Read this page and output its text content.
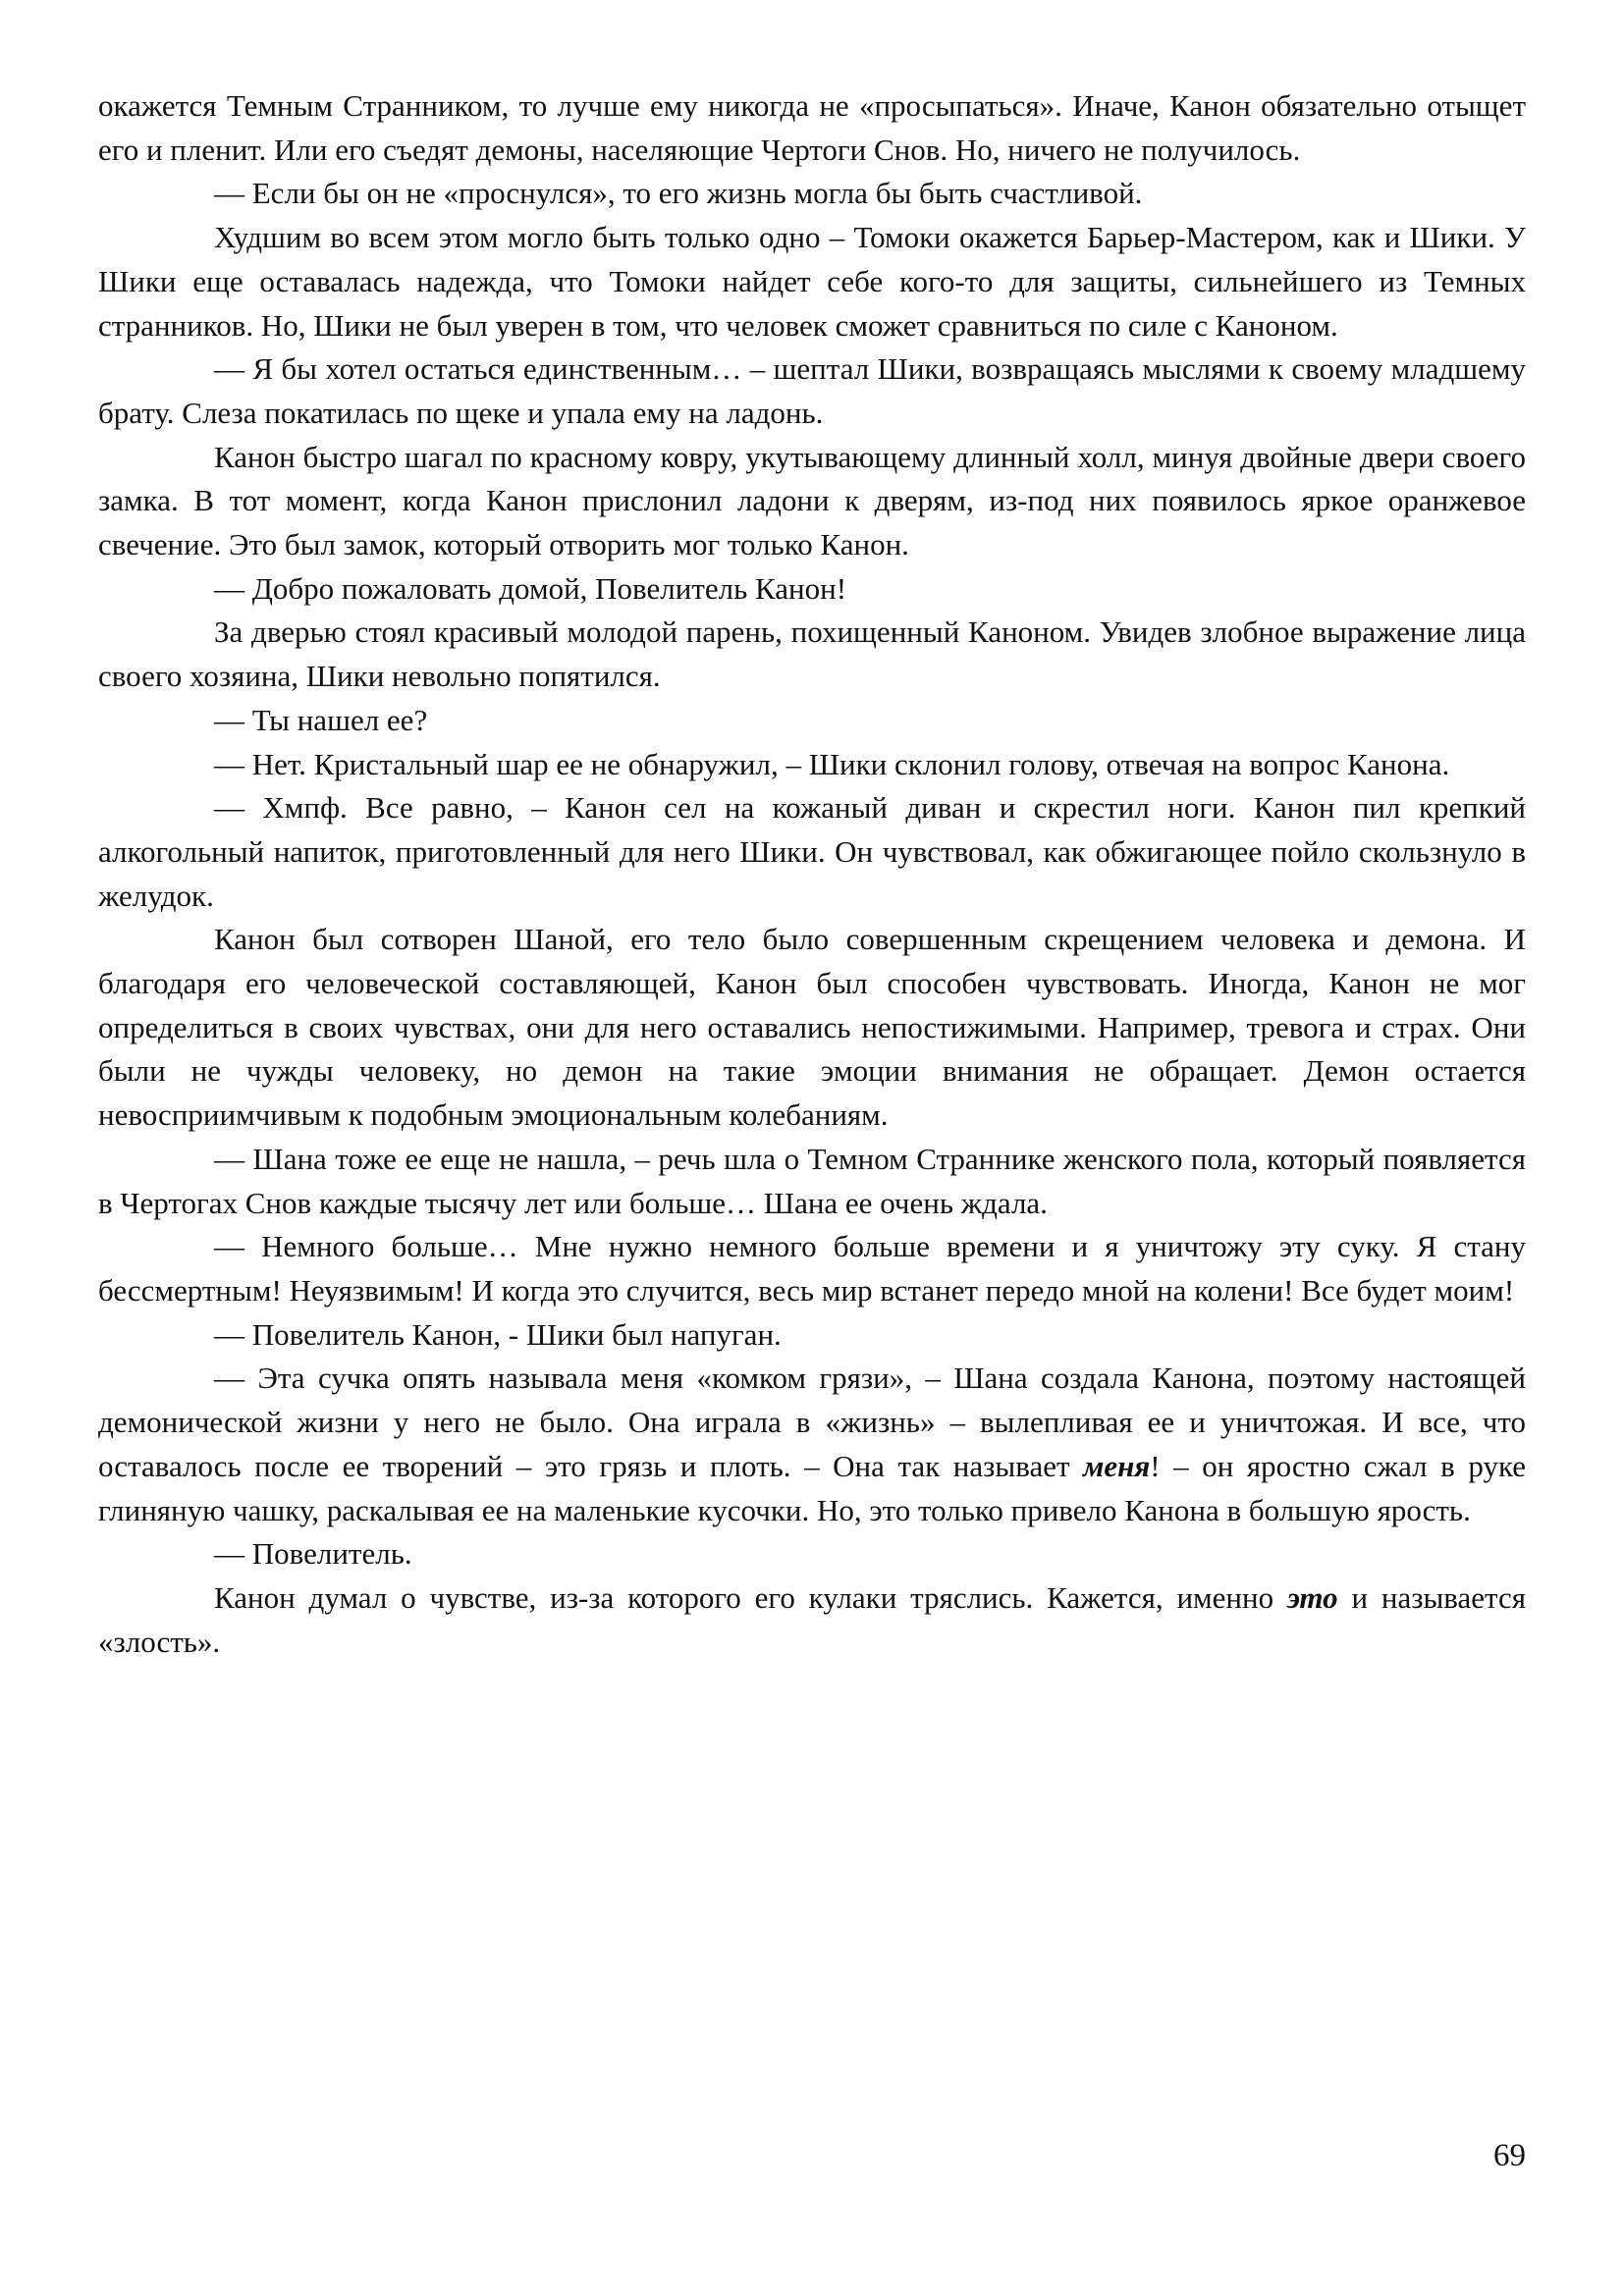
окажется Темным Странником, то лучше ему никогда не «просыпаться». Иначе, Канон обязательно отыщет его и пленит. Или его съедят демоны, населяющие Чертоги Снов. Но, ничего не получилось.

— Если бы он не «проснулся», то его жизнь могла бы быть счастливой.

Худшим во всем этом могло быть только одно – Томоки окажется Барьер-Мастером, как и Шики. У Шики еще оставалась надежда, что Томоки найдет себе кого-то для защиты, сильнейшего из Темных странников. Но, Шики не был уверен в том, что человек сможет сравниться по силе с Каноном.

— Я бы хотел остаться единственным… – шептал Шики, возвращаясь мыслями к своему младшему брату. Слеза покатилась по щеке и упала ему на ладонь.

Канон быстро шагал по красному ковру, укутывающему длинный холл, минуя двойные двери своего замка. В тот момент, когда Канон прислонил ладони к дверям, из-под них появилось яркое оранжевое свечение. Это был замок, который отворить мог только Канон.

— Добро пожаловать домой, Повелитель Канон!

За дверью стоял красивый молодой парень, похищенный Каноном. Увидев злобное выражение лица своего хозяина, Шики невольно попятился.

— Ты нашел ее?

— Нет. Кристальный шар ее не обнаружил, – Шики склонил голову, отвечая на вопрос Канона.

— Хмпф. Все равно, – Канон сел на кожаный диван и скрестил ноги. Канон пил крепкий алкогольный напиток, приготовленный для него Шики. Он чувствовал, как обжигающее пойло скользнуло в желудок.

Канон был сотворен Шаной, его тело было совершенным скрещением человека и демона. И благодаря его человеческой составляющей, Канон был способен чувствовать. Иногда, Канон не мог определиться в своих чувствах, они для него оставались непостижимыми. Например, тревога и страх. Они были не чужды человеку, но демон на такие эмоции внимания не обращает. Демон остается невосприимчивым к подобным эмоциональным колебаниям.

— Шана тоже ее еще не нашла, – речь шла о Темном Страннике женского пола, который появляется в Чертогах Снов каждые тысячу лет или больше… Шана ее очень ждала.

— Немного больше… Мне нужно немного больше времени и я уничтожу эту суку. Я стану бессмертным! Неуязвимым! И когда это случится, весь мир встанет передо мной на колени! Все будет моим!

— Повелитель Канон, - Шики был напуган.

— Эта сучка опять называла меня «комком грязи», – Шана создала Канона, поэтому настоящей демонической жизни у него не было. Она играла в «жизнь» – вылепливая ее и уничтожая. И все, что оставалось после ее творений – это грязь и плоть. – Она так называет меня! – он яростно сжал в руке глиняную чашку, раскалывая ее на маленькие кусочки. Но, это только привело Канона в большую ярость.

— Повелитель.

Канон думал о чувстве, из-за которого его кулаки тряслись. Кажется, именно это и называется «злость».

69
